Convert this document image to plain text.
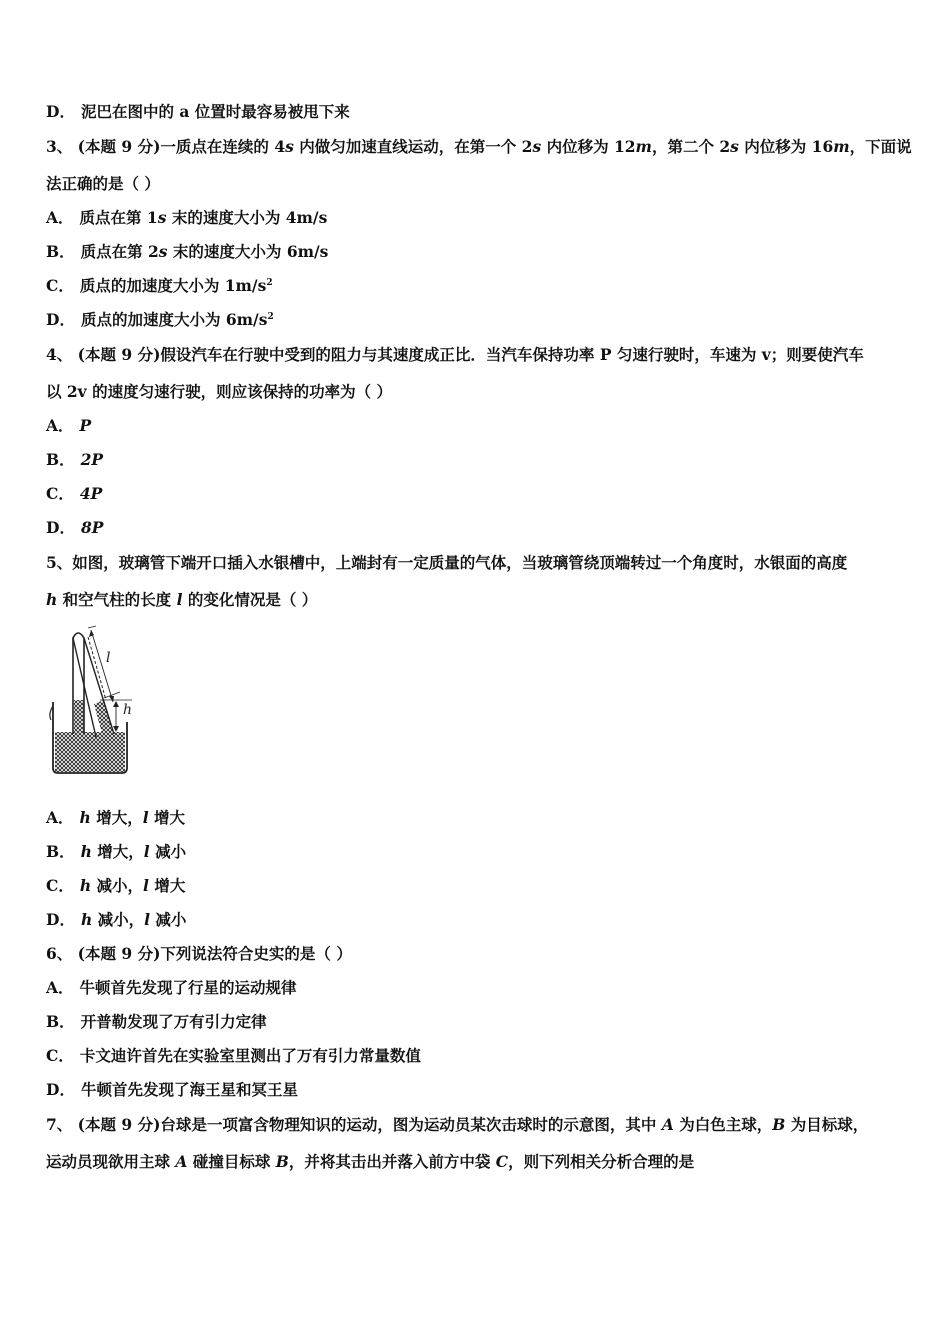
D． 泥巴在图中的 a 位置时最容易被甩下来
3、 (本题 9 分)一质点在连续的 4s 内做匀加速直线运动，在第一个 2s 内位移为 12m，第二个 2s 内位移为 16m，下面说
法正确的是（ ）
A． 质点在第 1s 末的速度大小为 4m/s
B． 质点在第 2s 末的速度大小为 6m/s
C． 质点的加速度大小为 $1m/s^2$
D． 质点的加速度大小为 $6m/s^2$
4、 (本题 9 分)假设汽车在行驶中受到的阻力与其速度成正比．当汽车保持功率 P 匀速行驶时，车速为 v；则要使汽车
以 2v 的速度匀速行驶，则应该保持的功率为（ ）
A． P
B． 2P
C． 4P
D． 8P
5、如图，玻璃管下端开口插入水银槽中，上端封有一定质量的气体，当玻璃管绕顶端转过一个角度时，水银面的高度
h 和空气柱的长度 l 的变化情况是（ ）
l
h
A． h 增大，l 增大
B． h 增大，l 减小
C． h 减小，l 增大
D． h 减小，l 减小
6、 (本题 9 分)下列说法符合史实的是（ ）
A． 牛顿首先发现了行星的运动规律
B． 开普勒发现了万有引力定律
C． 卡文迪许首先在实验室里测出了万有引力常量数值
D． 牛顿首先发现了海王星和冥王星
7、 (本题 9 分)台球是一项富含物理知识的运动，图为运动员某次击球时的示意图，其中 A 为白色主球，B 为目标球，
运动员现欲用主球 A 碰撞目标球 B，并将其击出并落入前方中袋 C，则下列相关分析合理的是
